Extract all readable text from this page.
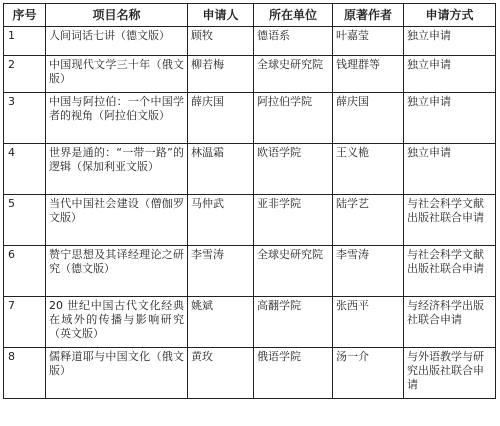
序号	项目名称	申请人	所在单位	原著作者	申请方式
1	人间词话七讲（德文版）	顾牧	德语系	叶嘉莹	独立申请
2	中国现代文学三十年（俄文版）	柳若梅	全球史研究院	钱理群等	独立申请
3	中国与阿拉伯：一个中国学者的视角（阿拉伯文版）	薛庆国	阿拉伯学院	薛庆国	独立申请
4	世界是通的：“一带一路”的逻辑（保加利亚文版）	林温霜	欧语学院	王义桅	独立申请
5	当代中国社会建设（僧伽罗文版）	马仲武	亚非学院	陆学艺	与社会科学文献出版社联合申请
6	赞宁思想及其译经理论之研究（德文版）	李雪涛	全球史研究院	李雪涛	与社会科学文献出版社联合申请
7	20 世纪中国古代文化经典在域外的传播与影响研究（英文版）	姚斌	高翻学院	张西平	与经济科学出版社联合申请
8	儒释道耶与中国文化（俄文版）	黄玫	俄语学院	汤一介	与外语教学与研究出版社联合申请
